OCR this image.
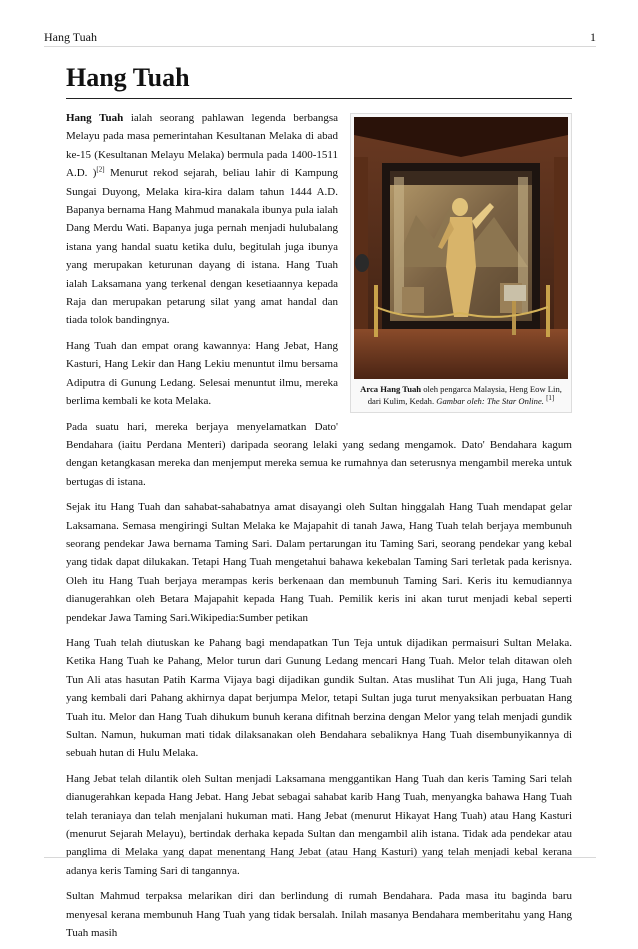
Hang Tuah	1
Hang Tuah
Arca Hang Tuah oleh pengarca Malaysia, Heng Eow Lin, dari Kulim, Kedah. Gambar oleh: The Star Online. [1]

Hang Tuah ialah seorang pahlawan legenda berbangsa Melayu pada masa pemerintahan Kesultanan Melaka di abad ke-15 (Kesultanan Melayu Melaka) bermula pada 1400-1511 A.D. )[2] Menurut rekod sejarah, beliau lahir di Kampung Sungai Duyong, Melaka kira-kira dalam tahun 1444 A.D. Bapanya bernama Hang Mahmud manakala ibunya pula ialah Dang Merdu Wati. Bapanya juga pernah menjadi hulubalang istana yang handal suatu ketika dulu, begitulah juga ibunya yang merupakan keturunan dayang di istana. Hang Tuah ialah Laksamana yang terkenal dengan kesetiaannya kepada Raja dan merupakan petarung silat yang amat handal dan tiada tolok bandingnya.

Hang Tuah dan empat orang kawannya: Hang Jebat, Hang Kasturi, Hang Lekir dan Hang Lekiu menuntut ilmu bersama Adiputra di Gunung Ledang. Selesai menuntut ilmu, mereka berlima kembali ke kota Melaka.

Pada suatu hari, mereka berjaya menyelamatkan Dato' Bendahara (iaitu Perdana Menteri) daripada seorang lelaki yang sedang mengamok. Dato' Bendahara kagum dengan ketangkasan mereka dan menjemput mereka semua ke rumahnya dan seterusnya mengambil mereka untuk bertugas di istana.

Sejak itu Hang Tuah dan sahabat-sahabatnya amat disayangi oleh Sultan hinggalah Hang Tuah mendapat gelar Laksamana. Semasa mengiringi Sultan Melaka ke Majapahit di tanah Jawa, Hang Tuah telah berjaya membunuh seorang pendekar Jawa bernama Taming Sari. Dalam pertarungan itu Taming Sari, seorang pendekar yang kebal yang tidak dapat dilukakan. Tetapi Hang Tuah mengetahui bahawa kekebalan Taming Sari terletak pada kerisnya. Oleh itu Hang Tuah berjaya merampas keris berkenaan dan membunuh Taming Sari. Keris itu kemudiannya dianugerahkan oleh Betara Majapahit kepada Hang Tuah. Pemilik keris ini akan turut menjadi kebal seperti pendekar Jawa Taming Sari.Wikipedia:Sumber petikan

Hang Tuah telah diutuskan ke Pahang bagi mendapatkan Tun Teja untuk dijadikan permaisuri Sultan Melaka. Ketika Hang Tuah ke Pahang, Melor turun dari Gunung Ledang mencari Hang Tuah. Melor telah ditawan oleh Tun Ali atas hasutan Patih Karma Vijaya bagi dijadikan gundik Sultan. Atas muslihat Tun Ali juga, Hang Tuah yang kembali dari Pahang akhirnya dapat berjumpa Melor, tetapi Sultan juga turut menyaksikan perbuatan Hang Tuah itu. Melor dan Hang Tuah dihukum bunuh kerana difitnah berzina dengan Melor yang telah menjadi gundik Sultan. Namun, hukuman mati tidak dilaksanakan oleh Bendahara sebaliknya Hang Tuah disembunyikannya di sebuah hutan di Hulu Melaka.

Hang Jebat telah dilantik oleh Sultan menjadi Laksamana menggantikan Hang Tuah dan keris Taming Sari telah dianugerahkan kepada Hang Jebat. Hang Jebat sebagai sahabat karib Hang Tuah, menyangka bahawa Hang Tuah telah teraniaya dan telah menjalani hukuman mati. Hang Jebat (menurut Hikayat Hang Tuah) atau Hang Kasturi (menurut Sejarah Melayu), bertindak derhaka kepada Sultan dan mengambil alih istana. Tidak ada pendekar atau panglima di Melaka yang dapat menentang Hang Jebat (atau Hang Kasturi) yang telah menjadi kebal kerana adanya keris Taming Sari di tangannya.

Sultan Mahmud terpaksa melarikan diri dan berlindung di rumah Bendahara. Pada masa itu baginda baru menyesal kerana membunuh Hang Tuah yang tidak bersalah. Inilah masanya Bendahara memberitahu yang Hang Tuah masih
